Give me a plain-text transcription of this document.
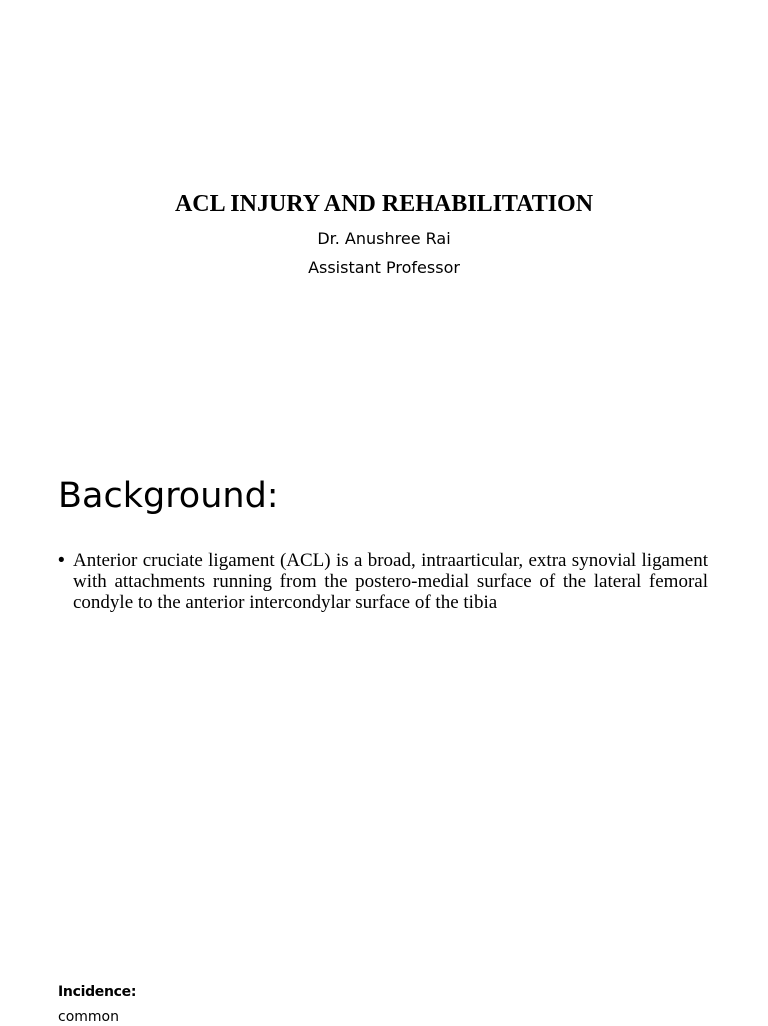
ACL INJURY AND REHABILITATION

Dr. Anushree Rai

Assistant Professor

Background:
• Anterior cruciate ligament (ACL) is a broad, intraarticular, extra synovial ligament with attachments running from the postero-medial surface of the lateral femoral condyle to the anterior intercondylar surface of the tibia

Incidence:

common
